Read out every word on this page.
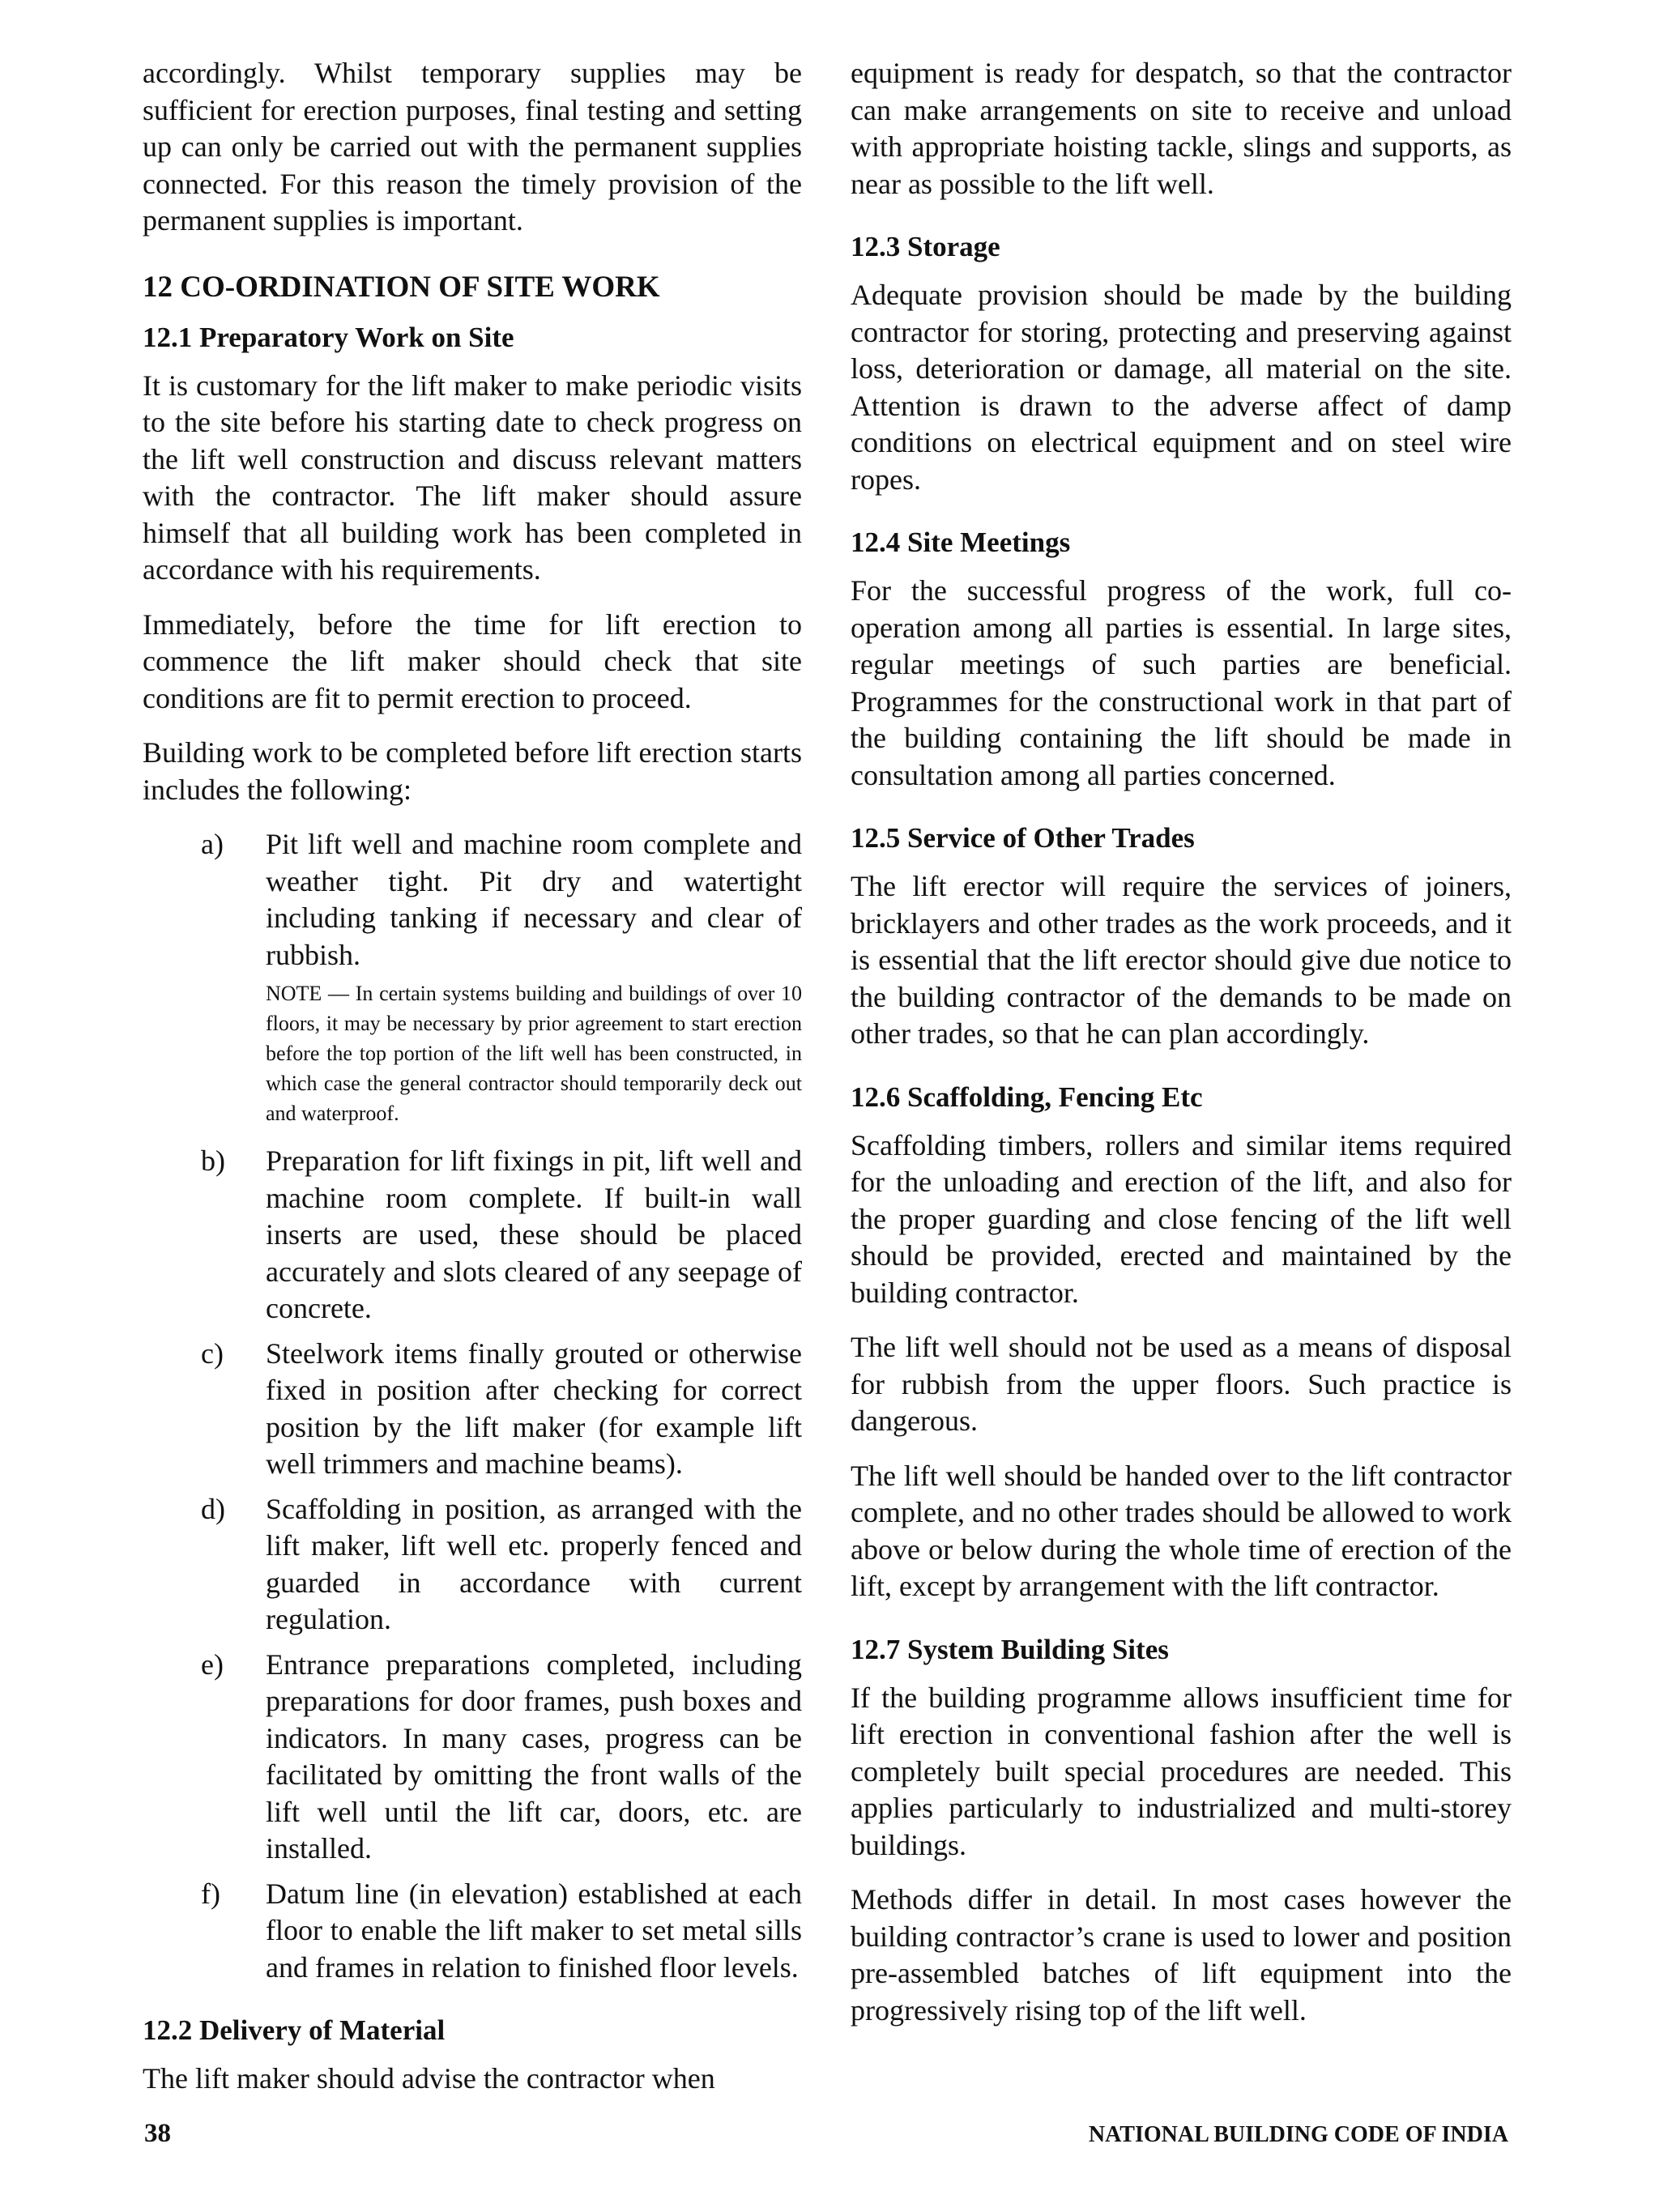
accordingly. Whilst temporary supplies may be sufficient for erection purposes, final testing and setting up can only be carried out with the permanent supplies connected. For this reason the timely provision of the permanent supplies is important.

12 CO-ORDINATION OF SITE WORK
12.1 Preparatory Work on Site

It is customary for the lift maker to make periodic visits to the site before his starting date to check progress on the lift well construction and discuss relevant matters with the contractor. The lift maker should assure himself that all building work has been completed in accordance with his requirements.

Immediately, before the time for lift erection to commence the lift maker should check that site conditions are fit to permit erection to proceed.

Building work to be completed before lift erection starts includes the following:

a)	Pit lift well and machine room complete and weather tight. Pit dry and watertight including tanking if necessary and clear of rubbish.
NOTE — In certain systems building and buildings of over 10 floors, it may be necessary by prior agreement to start erection before the top portion of the lift well has been constructed, in which case the general contractor should temporarily deck out and waterproof.
b)	Preparation for lift fixings in pit, lift well and machine room complete. If built-in wall inserts are used, these should be placed accurately and slots cleared of any seepage of concrete.
c)	Steelwork items finally grouted or otherwise fixed in position after checking for correct position by the lift maker (for example lift well trimmers and machine beams).
d)	Scaffolding in position, as arranged with the lift maker, lift well etc. properly fenced and guarded in accordance with current regulation.
e)	Entrance preparations completed, including preparations for door frames, push boxes and indicators. In many cases, progress can be facilitated by omitting the front walls of the lift well until the lift car, doors, etc. are installed.
f)	Datum line (in elevation) established at each floor to enable the lift maker to set metal sills and frames in relation to finished floor levels.
12.2 Delivery of Material

The lift maker should advise the contractor when

equipment is ready for despatch, so that the contractor can make arrangements on site to receive and unload with appropriate hoisting tackle, slings and supports, as near as possible to the lift well.

12.3 Storage

Adequate provision should be made by the building contractor for storing, protecting and preserving against loss, deterioration or damage, all material on the site. Attention is drawn to the adverse affect of damp conditions on electrical equipment and on steel wire ropes.

12.4 Site Meetings

For the successful progress of the work, full co-operation among all parties is essential. In large sites, regular meetings of such parties are beneficial. Programmes for the constructional work in that part of the building containing the lift should be made in consultation among all parties concerned.

12.5 Service of Other Trades

The lift erector will require the services of joiners, bricklayers and other trades as the work proceeds, and it is essential that the lift erector should give due notice to the building contractor of the demands to be made on other trades, so that he can plan accordingly.

12.6 Scaffolding, Fencing Etc

Scaffolding timbers, rollers and similar items required for the unloading and erection of the lift, and also for the proper guarding and close fencing of the lift well should be provided, erected and maintained by the building contractor.

The lift well should not be used as a means of disposal for rubbish from the upper floors. Such practice is dangerous.

The lift well should be handed over to the lift contractor complete, and no other trades should be allowed to work above or below during the whole time of erection of the lift, except by arrangement with the lift contractor.

12.7 System Building Sites

If the building programme allows insufficient time for lift erection in conventional fashion after the well is completely built special procedures are needed. This applies particularly to industrialized and multi-storey buildings.

Methods differ in detail. In most cases however the building contractor’s crane is used to lower and position pre-assembled batches of lift equipment into the progressively rising top of the lift well.

38	NATIONAL BUILDING CODE OF INDIA
